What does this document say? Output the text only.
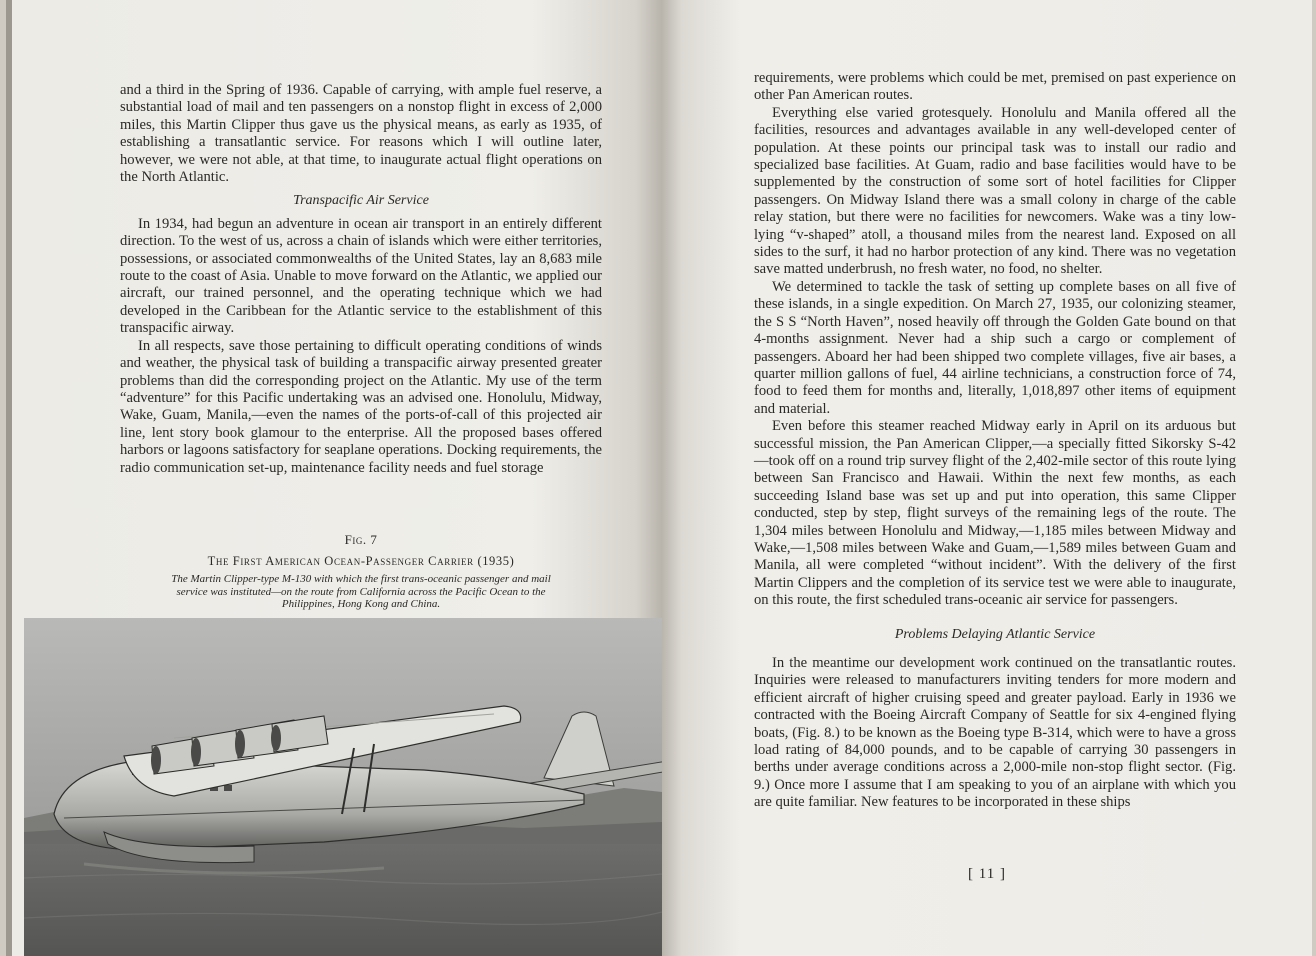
and a third in the Spring of 1936. Capable of carrying, with ample fuel reserve, a substantial load of mail and ten passengers on a nonstop flight in excess of 2,000 miles, this Martin Clipper thus gave us the physical means, as early as 1935, of establishing a transatlantic service. For reasons which I will outline later, however, we were not able, at that time, to inaugurate actual flight operations on the North Atlantic.

Transpacific Air Service

In 1934, had begun an adventure in ocean air transport in an entirely different direction. To the west of us, across a chain of islands which were either territories, possessions, or associated commonwealths of the United States, lay an 8,683 mile route to the coast of Asia. Unable to move forward on the Atlantic, we applied our aircraft, our trained personnel, and the operating technique which we had developed in the Caribbean for the Atlantic service to the establishment of this transpacific airway.

In all respects, save those pertaining to difficult operating conditions of winds and weather, the physical task of building a transpacific airway presented greater problems than did the corresponding project on the Atlantic. My use of the term “adventure” for this Pacific undertaking was an advised one. Honolulu, Midway, Wake, Guam, Manila,—even the names of the ports-of-call of this projected air line, lent story book glamour to the enterprise. All the proposed bases offered harbors or lagoons satisfactory for seaplane operations. Docking requirements, the radio communication set-up, maintenance facility needs and fuel storage

Fig. 7
The First American Ocean-Passenger Carrier (1935)
The Martin Clipper-type M-130 with which the first trans-oceanic passenger and mail service was instituted—on the route from California across the Pacific Ocean to the Philippines, Hong Kong and China.

requirements, were problems which could be met, premised on past experience on other Pan American routes.

Everything else varied grotesquely. Honolulu and Manila offered all the facilities, resources and advantages available in any well-developed center of population. At these points our principal task was to install our radio and specialized base facilities. At Guam, radio and base facilities would have to be supplemented by the construction of some sort of hotel facilities for Clipper passengers. On Midway Island there was a small colony in charge of the cable relay station, but there were no facilities for newcomers. Wake was a tiny low-lying “v-shaped” atoll, a thousand miles from the nearest land. Exposed on all sides to the surf, it had no harbor protection of any kind. There was no vegetation save matted underbrush, no fresh water, no food, no shelter.

We determined to tackle the task of setting up complete bases on all five of these islands, in a single expedition. On March 27, 1935, our colonizing steamer, the S S “North Haven”, nosed heavily off through the Golden Gate bound on that 4-months assignment. Never had a ship such a cargo or complement of passengers. Aboard her had been shipped two complete villages, five air bases, a quarter million gallons of fuel, 44 airline technicians, a construction force of 74, food to feed them for months and, literally, 1,018,897 other items of equipment and material.

Even before this steamer reached Midway early in April on its arduous but successful mission, the Pan American Clipper,—a specially fitted Sikorsky S-42—took off on a round trip survey flight of the 2,402-mile sector of this route lying between San Francisco and Hawaii. Within the next few months, as each succeeding Island base was set up and put into operation, this same Clipper conducted, step by step, flight surveys of the remaining legs of the route. The 1,304 miles between Honolulu and Midway,—1,185 miles between Midway and Wake,—1,508 miles between Wake and Guam,—1,589 miles between Guam and Manila, all were completed “without incident”. With the delivery of the first Martin Clippers and the completion of its service test we were able to inaugurate, on this route, the first scheduled trans-oceanic air service for passengers.

Problems Delaying Atlantic Service

In the meantime our development work continued on the transatlantic routes. Inquiries were released to manufacturers inviting tenders for more modern and efficient aircraft of higher cruising speed and greater payload. Early in 1936 we contracted with the Boeing Aircraft Company of Seattle for six 4-engined flying boats, (Fig. 8.) to be known as the Boeing type B-314, which were to have a gross load rating of 84,000 pounds, and to be capable of carrying 30 passengers in berths under average conditions across a 2,000-mile non-stop flight sector. (Fig. 9.) Once more I assume that I am speaking to you of an airplane with which you are quite familiar. New features to be incorporated in these ships

[ 11 ]
